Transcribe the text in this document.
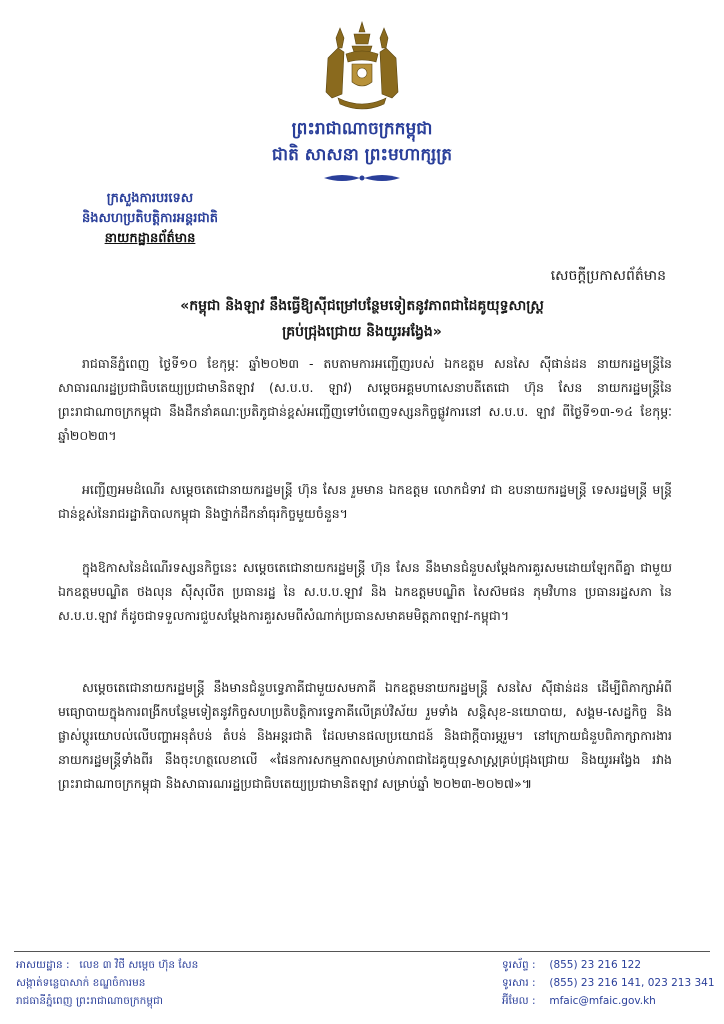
ព្រះរាជាណាចក្រកម្ពុជា
ជាតិ សាសនា ព្រះមហាក្សត្រ
ក្រសួងការបរទេស
និងសហប្រតិបត្តិការអន្តរជាតិ
នាយកដ្ឋានព័ត៌មាន
សេចក្តីប្រកាសព័ត៌មាន
«កម្ពុជា និងឡាវ នឹងធ្វើឱ្យស៊ីជម្រៅបន្ថែមទៀតនូវភាពជាដៃគូយុទ្ធសាស្ត្រ
គ្រប់ជ្រុងជ្រោយ និងយូរអង្វែង»

រាជធានីភ្នំពេញ ថ្ងៃទី១០ ខែកុម្ភៈ ឆ្នាំ២០២៣ - តបតាមការអញ្ជើញរបស់ ឯកឧត្តម សនសៃ ស៊ីផាន់ដន នាយករដ្ឋមន្ត្រីនៃសាធារណរដ្ឋប្រជាធិបតេយ្យប្រជាមានិតឡាវ (ស.ប.ប. ឡាវ) សម្តេចអគ្គមហាសេនាបតីតេជោ ហ៊ុន សែន នាយករដ្ឋមន្ត្រីនៃព្រះរាជាណាចក្រកម្ពុជា នឹងដឹកនាំគណៈប្រតិភូជាន់ខ្ពស់អញ្ជើញទៅបំពេញទស្សនកិច្ចផ្លូវការនៅ ស.ប.ប. ឡាវ ពីថ្ងៃទី១៣-១៤ ខែកុម្ភៈ ឆ្នាំ២០២៣។

អញ្ជើញអមដំណើរ សម្តេចតេជោនាយករដ្ឋមន្ត្រី ហ៊ុន សែន រួមមាន ឯកឧត្តម លោកជំទាវ ជា ឧបនាយករដ្ឋមន្ត្រី ទេសរដ្ឋមន្ត្រី មន្ត្រីជាន់ខ្ពស់នៃរាជរដ្ឋាភិបាលកម្ពុជា និងថ្នាក់ដឹកនាំធុរកិច្ចមួយចំនួន។

ក្នុងឱកាសនៃដំណើរទស្សនកិច្ចនេះ សម្តេចតេជោនាយករដ្ឋមន្ត្រី ហ៊ុន សែន នឹងមានជំនួបសម្តែងការគួរសមដោយឡែកពីគ្នា ជាមួយ ឯកឧត្តមបណ្ឌិត ថងលុន ស៊ីសុលីត ប្រធានរដ្ឋ នៃ ស.ប.ប.ឡាវ និង ឯកឧត្តមបណ្ឌិត សៃស៊មផន ភុមវិហាន ប្រធានរដ្ឋសភា នៃ ស.ប.ប.ឡាវ ក៏ដូចជាទទួលការជួបសម្តែងការគួរសមពីសំណាក់ប្រធានសមាគមមិត្តភាពឡាវ-កម្ពុជា។

សម្តេចតេជោនាយករដ្ឋមន្ត្រី នឹងមានជំនួបទ្វេភាគីជាមួយសមភាគី ឯកឧត្តមនាយករដ្ឋមន្ត្រី សនសៃ ស៊ីផាន់ដន ដើម្បីពិភាក្សាអំពីមធ្យោបាយក្នុងការពង្រីកបន្ថែមទៀតនូវកិច្ចសហប្រតិបត្តិការទ្វេភាគីលើគ្រប់វិស័យ រួមទាំង សន្តិសុខ-នយោបាយ, សង្គម-សេដ្ឋកិច្ច និងផ្លាស់ប្តូរយោបល់លើបញ្ហាអនុតំបន់ តំបន់ និងអន្តរជាតិ ដែលមានផលប្រយោជន៍ និងជាក្តីបារម្ភរួម។ នៅក្រោយជំនួបពិភាក្សាការងារ នាយករដ្ឋមន្ត្រីទាំងពីរ នឹងចុះហត្ថលេខាលើ «ផែនការសកម្មភាពសម្រាប់ភាពជាដៃគូយុទ្ធសាស្ត្រគ្រប់ជ្រុងជ្រោយ និងយូរអង្វែង រវាងព្រះរាជាណាចក្រកម្ពុជា និងសាធារណរដ្ឋប្រជាធិបតេយ្យប្រជាមានិតឡាវ សម្រាប់ឆ្នាំ ២០២៣-២០២៧»៕

អាសយដ្ឋាន : លេខ ៣ វិថី សម្តេច ហ៊ុន សែន
សង្កាត់ទន្លេបាសាក់ ខណ្ឌចំការមន
រាជធានីភ្នំពេញ ព្រះរាជាណាចក្រកម្ពុជា
ទូរស័ព្ទ : (855) 23 216 122
ទូរសារ : (855) 23 216 141, 023 213 341
អ៊ីមែល : mfaic@mfaic.gov.kh
